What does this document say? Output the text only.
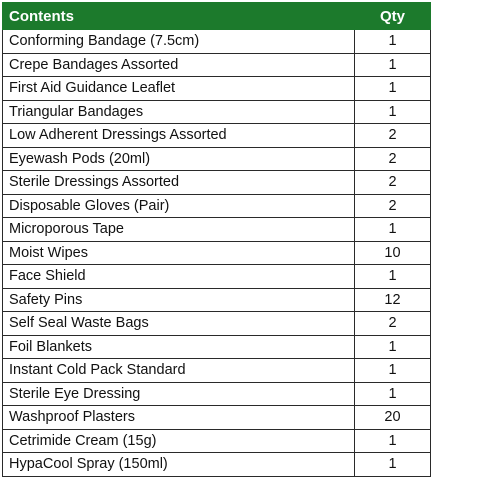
Contents	Qty
Conforming Bandage (7.5cm)	1
Crepe Bandages Assorted	1
First Aid Guidance Leaflet	1
Triangular Bandages	1
Low Adherent Dressings Assorted	2
Eyewash Pods (20ml)	2
Sterile Dressings Assorted	2
Disposable Gloves (Pair)	2
Microporous Tape	1
Moist Wipes	10
Face Shield	1
Safety Pins	12
Self Seal Waste Bags	2
Foil Blankets	1
Instant Cold Pack Standard	1
Sterile Eye Dressing	1
Washproof Plasters	20
Cetrimide Cream (15g)	1
HypaCool Spray (150ml)	1
